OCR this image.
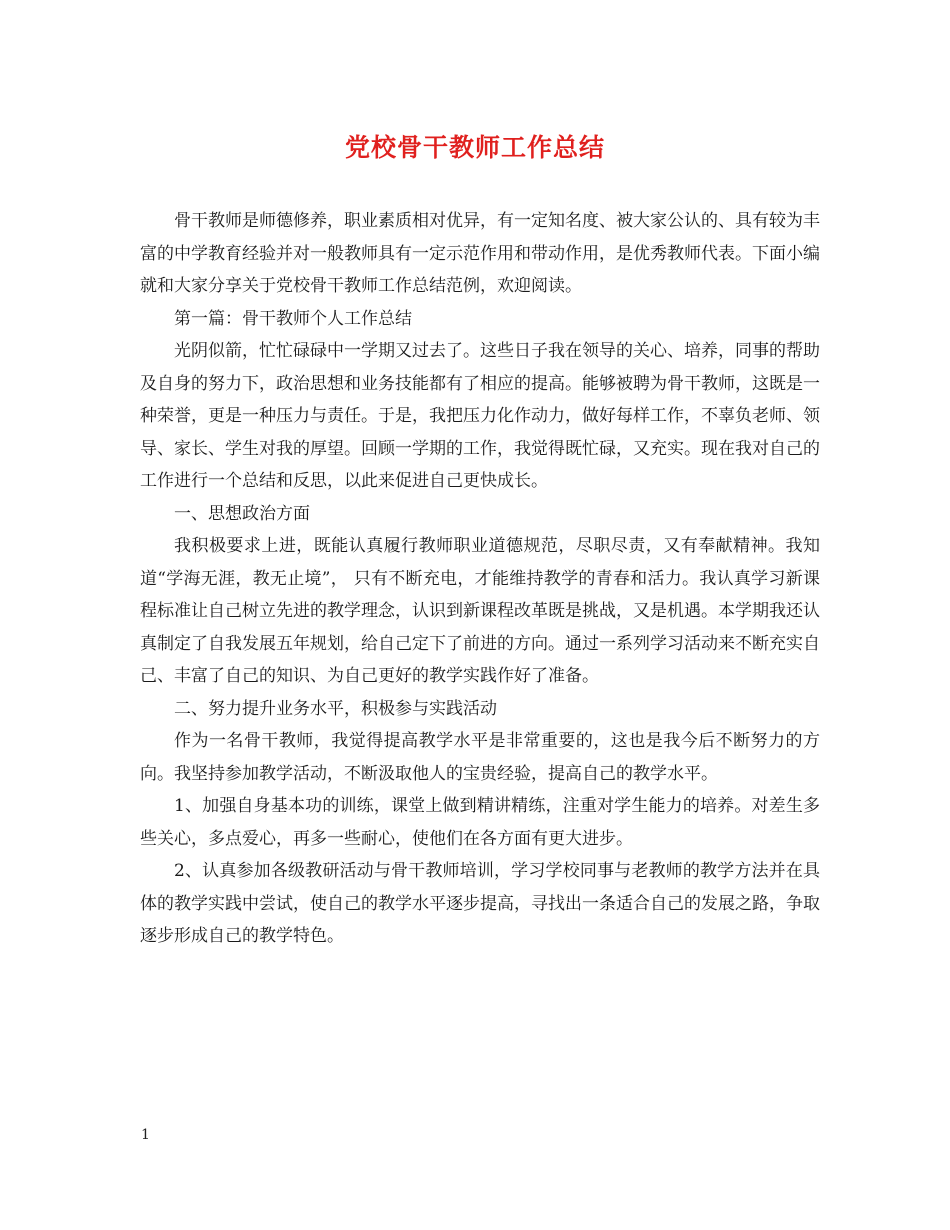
党校骨干教师工作总结

骨干教师是师德修养，职业素质相对优异，有一定知名度、被大家公认的、具有较为丰富的中学教育经验并对一般教师具有一定示范作用和带动作用，是优秀教师代表。下面小编就和大家分享关于党校骨干教师工作总结范例，欢迎阅读。

第一篇：骨干教师个人工作总结

光阴似箭，忙忙碌碌中一学期又过去了。这些日子我在领导的关心、培养，同事的帮助及自身的努力下，政治思想和业务技能都有了相应的提高。能够被聘为骨干教师，这既是一种荣誉，更是一种压力与责任。于是，我把压力化作动力，做好每样工作，不辜负老师、领导、家长、学生对我的厚望。回顾一学期的工作，我觉得既忙碌，又充实。现在我对自己的工作进行一个总结和反思，以此来促进自己更快成长。

一、思想政治方面

我积极要求上进，既能认真履行教师职业道德规范，尽职尽责，又有奉献精神。我知道“学海无涯，教无止境”， 只有不断充电，才能维持教学的青春和活力。我认真学习新课程标准让自己树立先进的教学理念，认识到新课程改革既是挑战，又是机遇。本学期我还认真制定了自我发展五年规划，给自己定下了前进的方向。通过一系列学习活动来不断充实自己、丰富了自己的知识、为自己更好的教学实践作好了准备。

二、努力提升业务水平，积极参与实践活动

作为一名骨干教师，我觉得提高教学水平是非常重要的，这也是我今后不断努力的方向。我坚持参加教学活动，不断汲取他人的宝贵经验，提高自己的教学水平。

1、加强自身基本功的训练，课堂上做到精讲精练，注重对学生能力的培养。对差生多些关心，多点爱心，再多一些耐心，使他们在各方面有更大进步。

2、认真参加各级教研活动与骨干教师培训，学习学校同事与老教师的教学方法并在具体的教学实践中尝试，使自己的教学水平逐步提高，寻找出一条适合自己的发展之路，争取逐步形成自己的教学特色。

1
